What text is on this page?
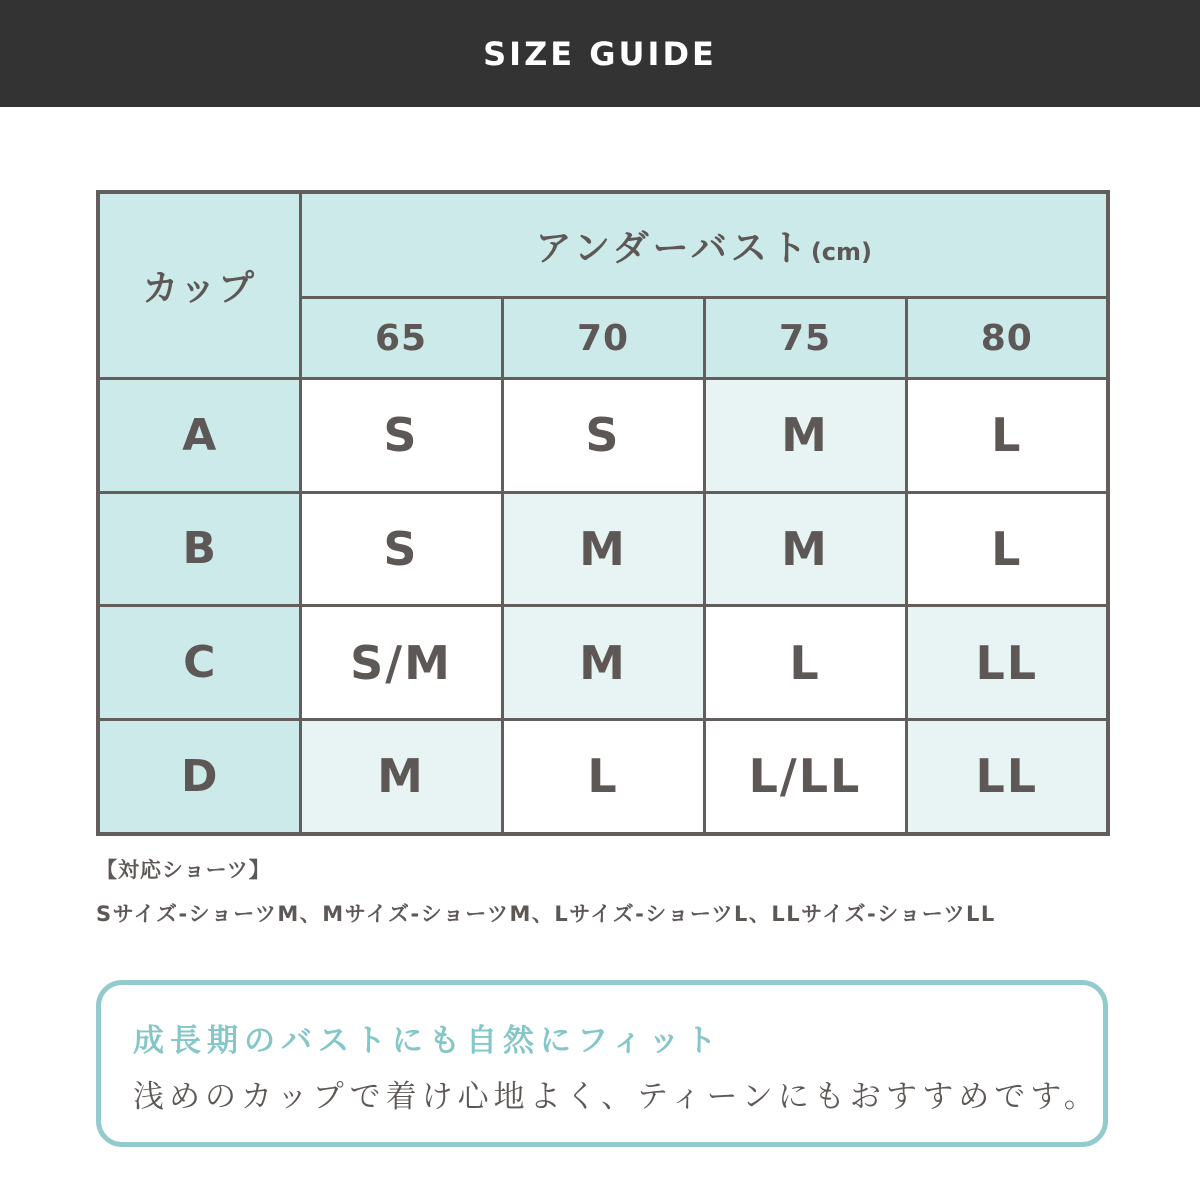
SIZE GUIDE
カップ	アンダーバスト(cm)			
	65	70	75	80
A	S	S	M	L
B	S	M	M	L
C	S/M	M	L	LL
D	M	L	L/LL	LL
【対応ショーツ】
Sサイズ-ショーツM、Mサイズ-ショーツM、Lサイズ-ショーツL、LLサイズ-ショーツLL
成長期のバストにも自然にフィット
浅めのカップで着け心地よく、ティーンにもおすすめです。
